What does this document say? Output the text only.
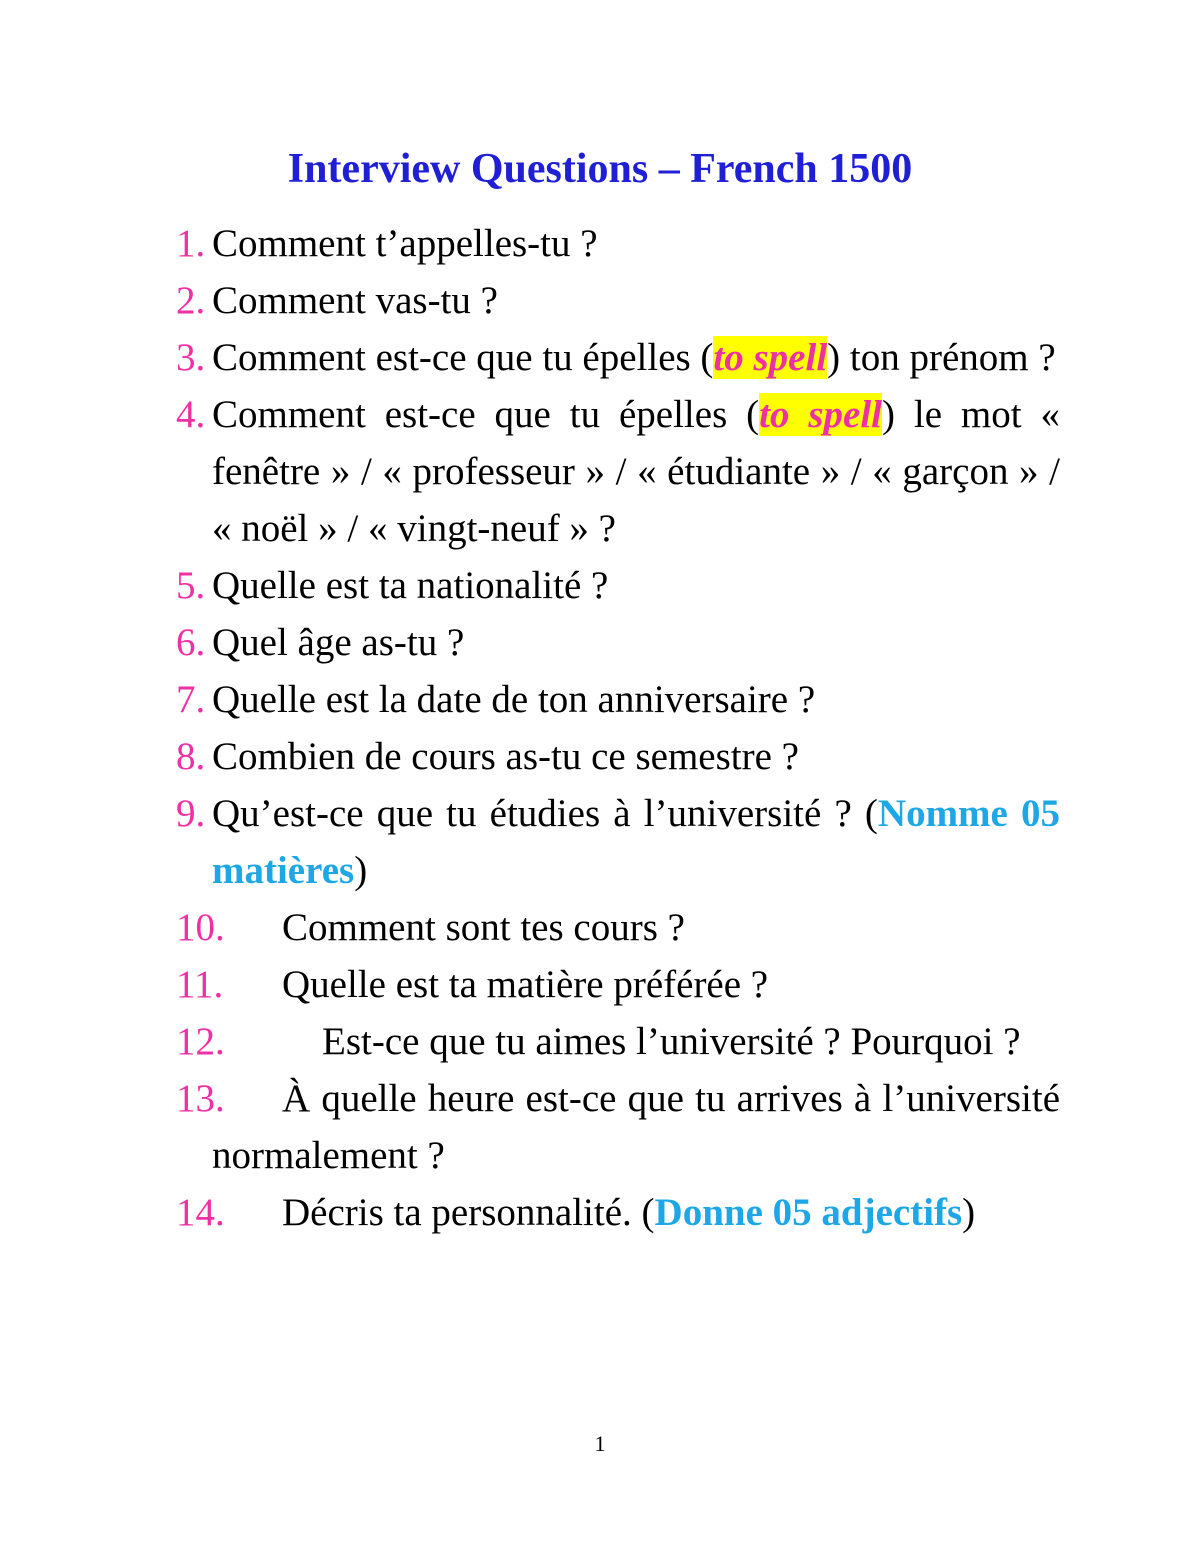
Interview Questions – French 1500
1. Comment t’appelles-tu ?
2. Comment vas-tu ?
3. Comment est-ce que tu épelles (to spell) ton prénom ?
4. Comment est-ce que tu épelles (to spell) le mot « fenêtre » / « professeur » / « étudiante » / « garçon » / « noël » / « vingt-neuf » ?
5. Quelle est ta nationalité ?
6. Quel âge as-tu ?
7. Quelle est la date de ton anniversaire ?
8. Combien de cours as-tu ce semestre ?
9. Qu’est-ce que tu étudies à l’université ? (Nomme 05 matières)
10. Comment sont tes cours ?
11. Quelle est ta matière préférée ?
12. Est-ce que tu aimes l’université ? Pourquoi ?
13. À quelle heure est-ce que tu arrives à l’université normalement ?
14. Décris ta personnalité. (Donne 05 adjectifs)
1
